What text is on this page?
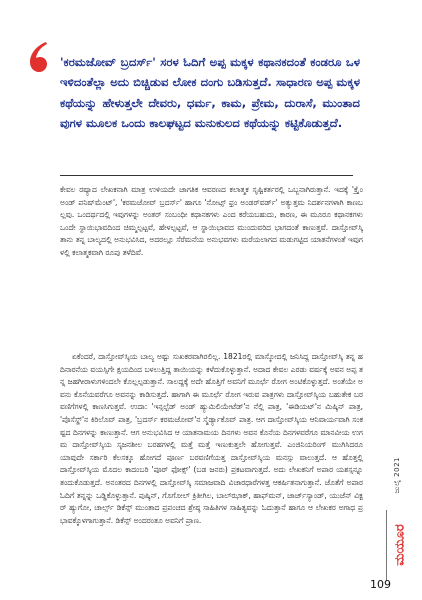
'ಕರಮಜೋವ್ ಬ್ರದರ್ಸ್' ಸರಳ ಓದಿಗೆ ಅಪ್ಪ ಮಕ್ಕಳ ಕಥಾನಕದಂತೆ ಕಂಡರೂ ಒಳ ಇಳಿದಂತೆಲ್ಲಾ ಅದು ಬಿಚ್ಚಿಡುವ ಲೋಕ ದಂಗು ಬಡಿಸುತ್ತದೆ. ಸಾಧಾರಣ ಅಪ್ಪ ಮಕ್ಕಳ ಕಥೆಯನ್ನು ಹೇಳುತ್ತಲೇ ದೇವರು, ಧರ್ಮ, ಕಾಮ, ಪ್ರೇಮ, ದುರಾಸೆ, ಮುಂತಾದವುಗಳ ಮೂಲಕ ಒಂದು ಕಾಲಘಟ್ಟದ ಮನುಕುಲದ ಕಥೆಯನ್ನು ಕಟ್ಟಿಕೊಡುತ್ತದೆ.

ಕೇವಲ ರಷ್ಯಾದ ಲೇಖಕನಾಗಿ ಮಾತ್ರ ಉಳಿಯದೇ ಜಾಗತಿಕ ಆವರಣದ ಕಲಾತ್ಮಕ ಸೃಷ್ಟಿಕರ್ತರಲ್ಲಿ ಒಬ್ಬನಾಗಿರುತ್ತಾನೆ. ಇದಕ್ಕೆ 'ಕ್ರೈಂ ಅಂಡ್ ಪನಿಷ್‌ಮೆಂಟ್', 'ಕರಮಜೋವ್ ಬ್ರದರ್ಸ್' ಹಾಗೂ 'ನೋಟ್ಸ್ ಫ್ರಂ ಅಂಡರ್‌ವರ್ಡ್' ಅತ್ಯುತ್ತಮ ನಿದರ್ಶನಗಳಾಗಿ ಕಾಣಬಲ್ಲವು. ಒಂದರ್ಥದಲ್ಲಿ ಇವುಗಳನ್ನು ಅಂತರ್ ಸಂಬಂಧೀ ಕಥಾನಕಗಳು ಎಂದ ಕರೆಯಬಹುದು, ಕಾರಣ, ಈ ಮೂರೂ ಕಥಾನಕಗಳು ಒಂದೇ ಸ್ಥಾಯಿಭಾವದಿಂದ ಚಿಮ್ಮಲ್ಪಟ್ಟವೆ, ಹೇಳಲ್ಪಟ್ಟವೆ, ಆ ಸ್ಥಾಯಿಭಾವದ ಮುಂದುವರಿದ ಭಾಗದಂತೆ ಕಾಣುತ್ತವೆ. ದಾಸ್ತೋವ್‌ಸ್ಕಿ ತಾನು ತನ್ನ ಬಾಲ್ಯದಲ್ಲಿ ಅನುಭವಿಸಿದ, ಅದರಲ್ಲೂ ಸೆರೆಮನೆಯ ಅನುಭವಗಳು ಮರೆಯಲಾಗದ ಮಡುಗಟ್ಟಿದ ಯಾತನೆಗಳಂತೆ ಇವುಗಳಲ್ಲಿ ಕಲಾತ್ಮಕವಾಗಿ ರೂಪು ತಳೆದಿವೆ.

ಏಕೆಂದರೆ, ದಾಸ್ತೋವ್‌ಸ್ಕಿಯ ಬಾಲ್ಯ ಅಷ್ಟು ಸುಖಕರವಾಗಿರಲಿಲ್ಲ. 1821ರಲ್ಲಿ ಮಾಸ್ಕೋದಲ್ಲಿ ಜನಿಸಿದ್ದ ದಾಸ್ತೋವ್‌ಸ್ಕಿ ತನ್ನ ಹದಿನಾರನೆಯ ವಯಸ್ಸಿಗೇ ಕ್ಷಯದಿಂದ ಬಳಲುತ್ತಿದ್ದ ತಾಯಿಯನ್ನು ಕಳೆದುಕೊಳ್ಳುತ್ತಾನೆ. ಅದಾದ ಕೇವಲ ಎರಡು ವರ್ಷಕ್ಕೆ ಅವನ ಅಪ್ಪ ತನ್ನ ಜಹಗೀರಾಳುಗಳಿಂದಲೇ ಕೊಲ್ಲಲ್ಪಡುತ್ತಾನೆ. ಸಾಲದ್ದಕ್ಕೆ ಅದೇ ಹೊತ್ತಿಗೆ ಅವನಿಗೆ ಮೂರ್ಛೆ ರೋಗ ಅಂಟಿಕೊಳ್ಳುತ್ತದೆ. ಅಂತೆಯೇ ಅವನು ಕೊನೆಯವರೆಗೂ ಅವನನ್ನು ಕಾಡಿಸುತ್ತದೆ. ಹಾಗಾಗಿ ಈ ಮೂರ್ಛೆ ರೋಗ ಇರುವ ಪಾತ್ರಗಳು ದಾಸ್ತೋವ್‌ಸ್ಕಿಯ ಬಹುತೇಕ ಬರವಣಿಗೆಗಳಲ್ಲಿ ಕಾಣಸಿಗುತ್ತವೆ. ಉದಾ: 'ಇನ್ಸಲ್ಟೆಡ್ ಅಂಡ್ ಹ್ಯುಮಿಲಿಯೇಟೆಡ್'ನ ನೆಲ್ಲಿ ಪಾತ್ರ, 'ಈಡಿಯಟ್'ನ ಮಿಷ್ಕಿನ್ ಪಾತ್ರ, 'ಪೊಸೆಸ್ಡ್'ನ ಕಿರಿಲೊವ್ ಪಾತ್ರ, 'ಬ್ರದರ್ಸ್ ಕರಮಜೋವ್'ನ ಸ್ಮೆರ್ಡ್ಯಾಕೊವ್ ಪಾತ್ರ. ಆಗ ದಾಸ್ತೋವ್‌ಸ್ಕಿಯ ಆನಿವಾರ್ಯವಾಗಿ ಸಂಕಷ್ಟದ ದಿನಗಳನ್ನು ಕಾಣುತ್ತಾನೆ. ಆಗ ಅನುಭವಿಸಿದ ಆ ಯಾತನಾಮಯ ದಿನಗಳು ಅವನ ಕೊನೆಯ ದಿನಗಳವರೆಗೂ ಮಾನವೀಯ ಉಗಮ ದಾಸ್ತೋವ್‌ಸ್ಕಿಯ ಸೃಜನಶೀಲ ಬರಹಗಳಲ್ಲಿ ಮತ್ತೆ ಮತ್ತೆ ಇಣುಕುತ್ತಲೇ ಹೋಗುತ್ತವೆ. ಎಂಜಿನಿಯರಿಂಗ್ ಮುಗಿಸಿದರೂ ಯಾವುದೇ ಸರ್ಕಾರಿ ಕೆಲಸಕ್ಕೂ ಹೋಗದೆ ಪೂರ್ಣ ಬರವಣಿಗೆಯತ್ತ ದಾಸ್ತೋವ್‌ಸ್ಕಿಯ ಮನಸ್ಸು ವಾಲುತ್ತದೆ. ಆ ಹೊತ್ತಲ್ಲಿ ದಾಸ್ತೋವ್‌ಸ್ಕಿಯ ಮೊದಲ ಕಾದಂಬರಿ 'ಪೂರ್ ಫೋಕ್ಸ್' (ಬಡ ಜನರು) ಪ್ರಕಟವಾಗುತ್ತದೆ. ಅದು ಲೇಖಕನಿಗೆ ಅಪಾರ ಯಶಸ್ಸನ್ನೂ ತಂದುಕೊಡುತ್ತದೆ. ಅನಂತರದ ದಿನಗಳಲ್ಲಿ ದಾಸ್ತೋವ್‌ಸ್ಕಿ ಸಮಾಜವಾದಿ ವಿಚಾರಧಾರೆಗಳತ್ತ ಆಕರ್ಷಿತನಾಗುತ್ತಾನೆ. ಜೊತೆಗೆ ಅಪಾರ ಓದಿಗೆ ತನ್ನನ್ನು ಒಡ್ಡಿಕೊಳ್ಳುತ್ತಾನೆ. ಪುಷ್ಕಿನ್, ಗೊಗೋಲ್ ಕ್ರಿತೀಗಿಲ, ಬಾಲ್‌ಝಾಕ್, ಹಾಫ್‌ಮನ್, ಜಾರ್ಜ್‌ಸ್ಯಾಂಡ್, ಯುಜೆನ್ ವಿಕ್ಟರ್ ಹ್ಯುಗೋ, ಚಾರ್ಲ್ಸ್ ಡಿಕೆನ್ಸ್ ಮುಂತಾದ ಪ್ರಪಂಚದ ಶ್ರೇಷ್ಠ ಸಾಹಿತಿಗಳ ಸಾಹಿತ್ಯವನ್ನು ಓದುತ್ತಾನೆ ಹಾಗೂ ಆ ಲೇಖಕರ ಅಗಾಧ ಪ್ರಭಾವಕ್ಕೊಳಗಾಗುತ್ತಾನೆ. ಡಿಕೆನ್ಸ್ ಅಂದರಂತೂ ಅವನಿಗೆ ಪ್ರಾಣ.

ಜುಲೈ 2021
ಮಯೂರ
109
